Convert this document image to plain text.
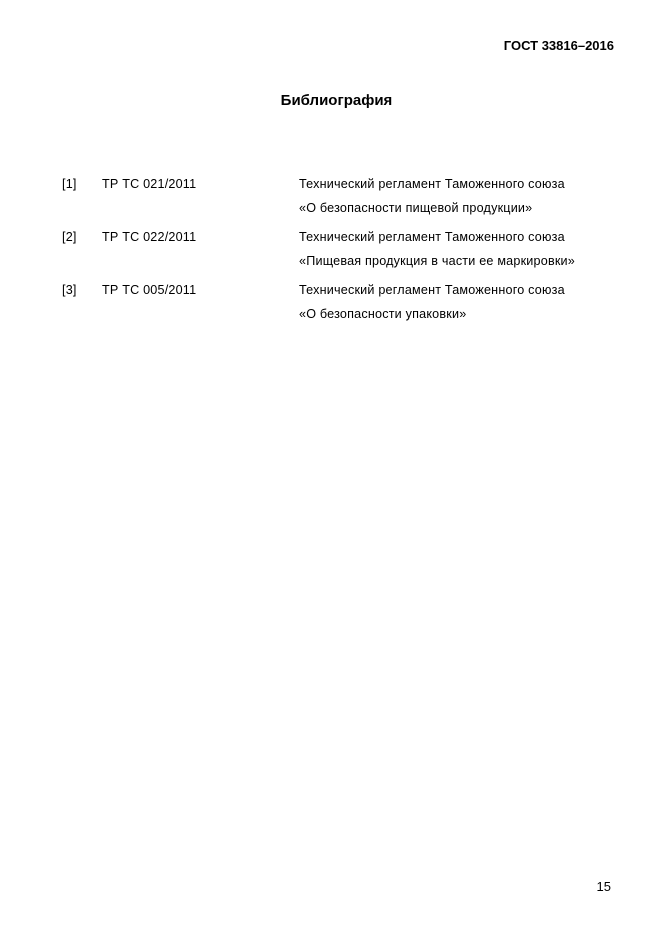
ГОСТ 33816–2016
Библиография
[1] ТР ТС 021/2011	Технический регламент Таможенного союза
«О безопасности пищевой продукции»
[2] ТР ТС 022/2011	Технический регламент Таможенного союза
«Пищевая продукция в части ее маркировки»
[3] ТР ТС 005/2011	Технический регламент Таможенного союза
«О безопасности упаковки»
15
